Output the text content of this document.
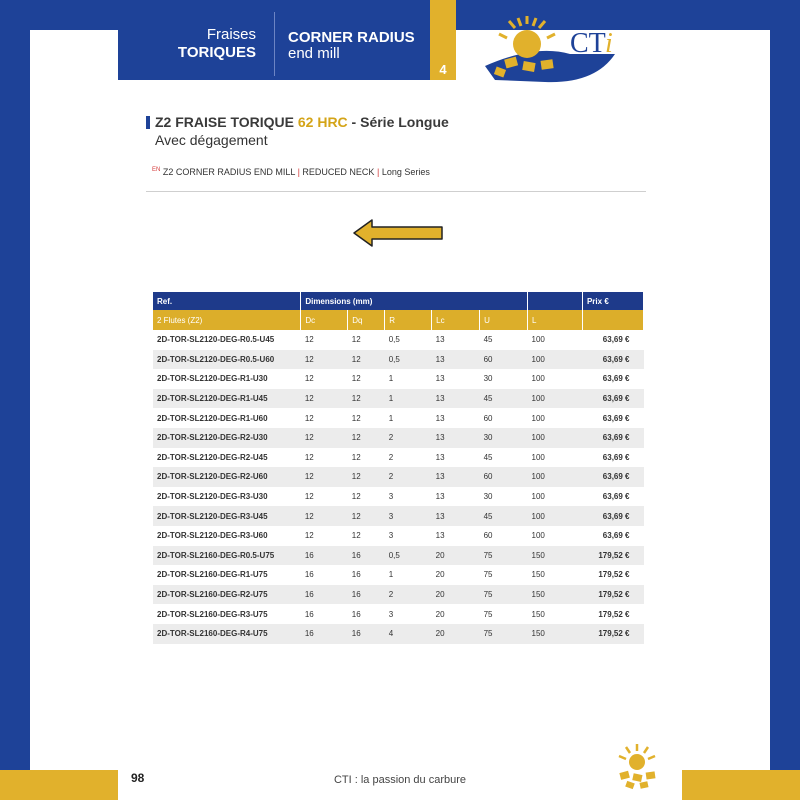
Fraises
TORIQUES
CORNER RADIUS
end mill
4
CT i
Z2 FRAISE TORIQUE 62 HRC - Série Longue
Avec dégagement
$^{EN}$ Z2 CORNER RADIUS END MILL | REDUCED NECK | Long Series
Ref.	Dimensions (mm)						Prix €
2 Flutes (Z2)	Dc	Dq	R	Lc	U	L	
2D-TOR-SL2120-DEG-R0.5-U45	12	12	0,5	13	45	100	63,69 €
2D-TOR-SL2120-DEG-R0.5-U60	12	12	0,5	13	60	100	63,69 €
2D-TOR-SL2120-DEG-R1-U30	12	12	1	13	30	100	63,69 €
2D-TOR-SL2120-DEG-R1-U45	12	12	1	13	45	100	63,69 €
2D-TOR-SL2120-DEG-R1-U60	12	12	1	13	60	100	63,69 €
2D-TOR-SL2120-DEG-R2-U30	12	12	2	13	30	100	63,69 €
2D-TOR-SL2120-DEG-R2-U45	12	12	2	13	45	100	63,69 €
2D-TOR-SL2120-DEG-R2-U60	12	12	2	13	60	100	63,69 €
2D-TOR-SL2120-DEG-R3-U30	12	12	3	13	30	100	63,69 €
2D-TOR-SL2120-DEG-R3-U45	12	12	3	13	45	100	63,69 €
2D-TOR-SL2120-DEG-R3-U60	12	12	3	13	60	100	63,69 €
2D-TOR-SL2160-DEG-R0.5-U75	16	16	0,5	20	75	150	179,52 €
2D-TOR-SL2160-DEG-R1-U75	16	16	1	20	75	150	179,52 €
2D-TOR-SL2160-DEG-R2-U75	16	16	2	20	75	150	179,52 €
2D-TOR-SL2160-DEG-R3-U75	16	16	3	20	75	150	179,52 €
2D-TOR-SL2160-DEG-R4-U75	16	16	4	20	75	150	179,52 €
98	CTI : la passion du carbure
